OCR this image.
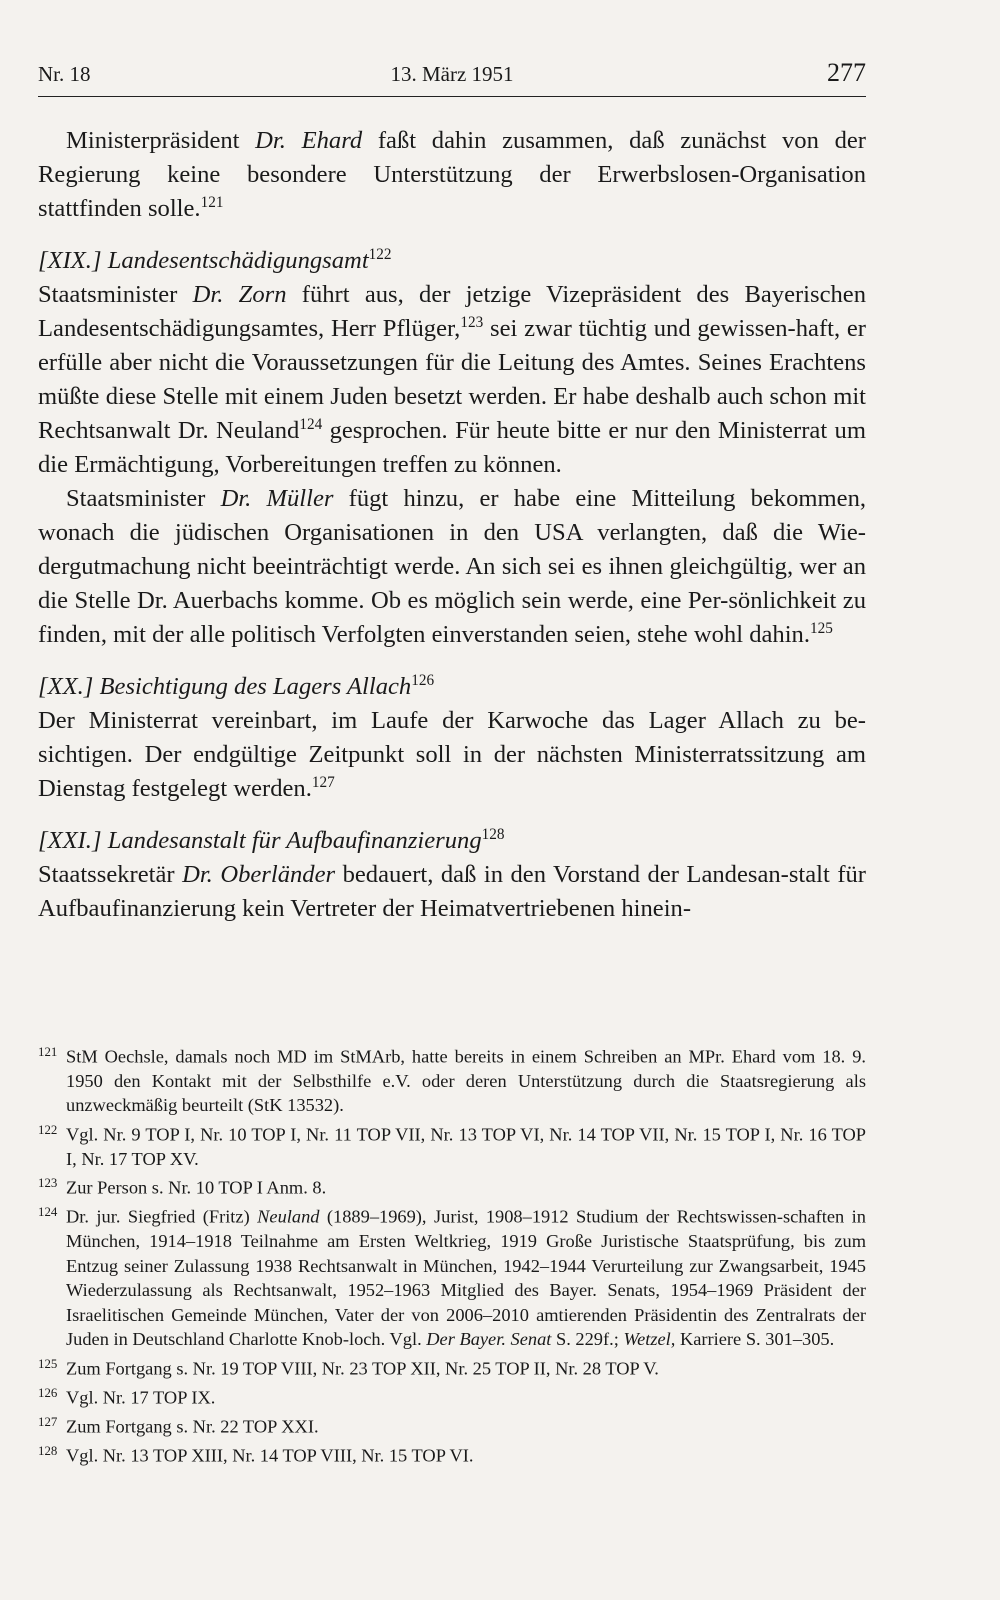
Nr. 18	13. März 1951	277

Ministerpräsident Dr. Ehard faßt dahin zusammen, daß zunächst von der Regierung keine besondere Unterstützung der Erwerbslosen-Organisation stattfinden solle.$^{121}$

[XIX.] Landesentschädigungsamt$^{122}$

Staatsminister Dr. Zorn führt aus, der jetzige Vizepräsident des Bayerischen Landesentschädigungsamtes, Herr Pflüger,$^{123}$ sei zwar tüchtig und gewissen-haft, er erfülle aber nicht die Voraussetzungen für die Leitung des Amtes. Seines Erachtens müßte diese Stelle mit einem Juden besetzt werden. Er habe deshalb auch schon mit Rechtsanwalt Dr. Neuland$^{124}$ gesprochen. Für heute bitte er nur den Ministerrat um die Ermächtigung, Vorbereitungen treffen zu können.

Staatsminister Dr. Müller fügt hinzu, er habe eine Mitteilung bekommen, wonach die jüdischen Organisationen in den USA verlangten, daß die Wie-dergutmachung nicht beeinträchtigt werde. An sich sei es ihnen gleichgültig, wer an die Stelle Dr. Auerbachs komme. Ob es möglich sein werde, eine Per-sönlichkeit zu finden, mit der alle politisch Verfolgten einverstanden seien, stehe wohl dahin.$^{125}$

[XX.] Besichtigung des Lagers Allach$^{126}$

Der Ministerrat vereinbart, im Laufe der Karwoche das Lager Allach zu be-sichtigen. Der endgültige Zeitpunkt soll in der nächsten Ministerratssitzung am Dienstag festgelegt werden.$^{127}$

[XXI.] Landesanstalt für Aufbaufinanzierung$^{128}$

Staatssekretär Dr. Oberländer bedauert, daß in den Vorstand der Landesan-stalt für Aufbaufinanzierung kein Vertreter der Heimatvertriebenen hinein-

121 StM Oechsle, damals noch MD im StMArb, hatte bereits in einem Schreiben an MPr. Ehard vom 18. 9. 1950 den Kontakt mit der Selbsthilfe e.V. oder deren Unterstützung durch die Staatsregierung als unzweckmäßig beurteilt (StK 13532).

122 Vgl. Nr. 9 TOP I, Nr. 10 TOP I, Nr. 11 TOP VII, Nr. 13 TOP VI, Nr. 14 TOP VII, Nr. 15 TOP I, Nr. 16 TOP I, Nr. 17 TOP XV.

123 Zur Person s. Nr. 10 TOP I Anm. 8.

124 Dr. jur. Siegfried (Fritz) Neuland (1889–1969), Jurist, 1908–1912 Studium der Rechtswissen-schaften in München, 1914–1918 Teilnahme am Ersten Weltkrieg, 1919 Große Juristische Staatsprüfung, bis zum Entzug seiner Zulassung 1938 Rechtsanwalt in München, 1942–1944 Verurteilung zur Zwangsarbeit, 1945 Wiederzulassung als Rechtsanwalt, 1952–1963 Mitglied des Bayer. Senats, 1954–1969 Präsident der Israelitischen Gemeinde München, Vater der von 2006–2010 amtierenden Präsidentin des Zentralrats der Juden in Deutschland Charlotte Knob-loch. Vgl. Der Bayer. Senat S. 229f.; Wetzel, Karriere S. 301–305.

125 Zum Fortgang s. Nr. 19 TOP VIII, Nr. 23 TOP XII, Nr. 25 TOP II, Nr. 28 TOP V.

126 Vgl. Nr. 17 TOP IX.

127 Zum Fortgang s. Nr. 22 TOP XXI.

128 Vgl. Nr. 13 TOP XIII, Nr. 14 TOP VIII, Nr. 15 TOP VI.
